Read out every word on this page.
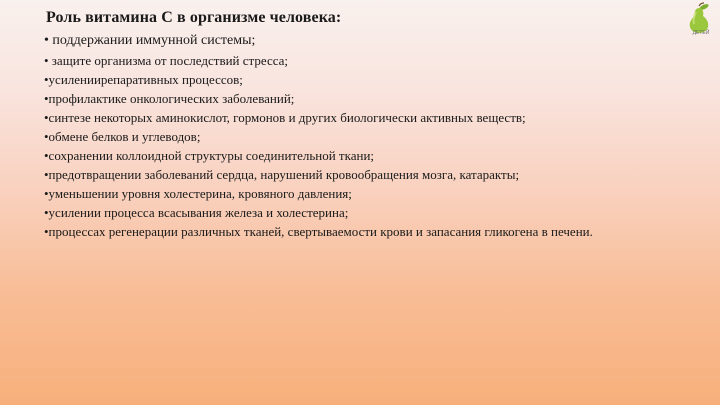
Роль витамина С в организме человека:
• поддержании иммунной системы;
• защите организма от последствий стресса;
•усилениирепаративных процессов;
•профилактике онкологических заболеваний;
•синтезе некоторых аминокислот, гормонов и других биологически активных веществ;
•обмене белков и углеводов;
•сохранении коллоидной структуры соединительной ткани;
•предотвращении заболеваний сердца, нарушений кровообращения мозга, катаракты;
•уменьшении уровня холестерина, кровяного давления;
•усилении процесса всасывания железа и холестерина;
•процессах регенерации различных тканей, свертываемости крови и запасания гликогена в печени.
ДЕТЕЙ
